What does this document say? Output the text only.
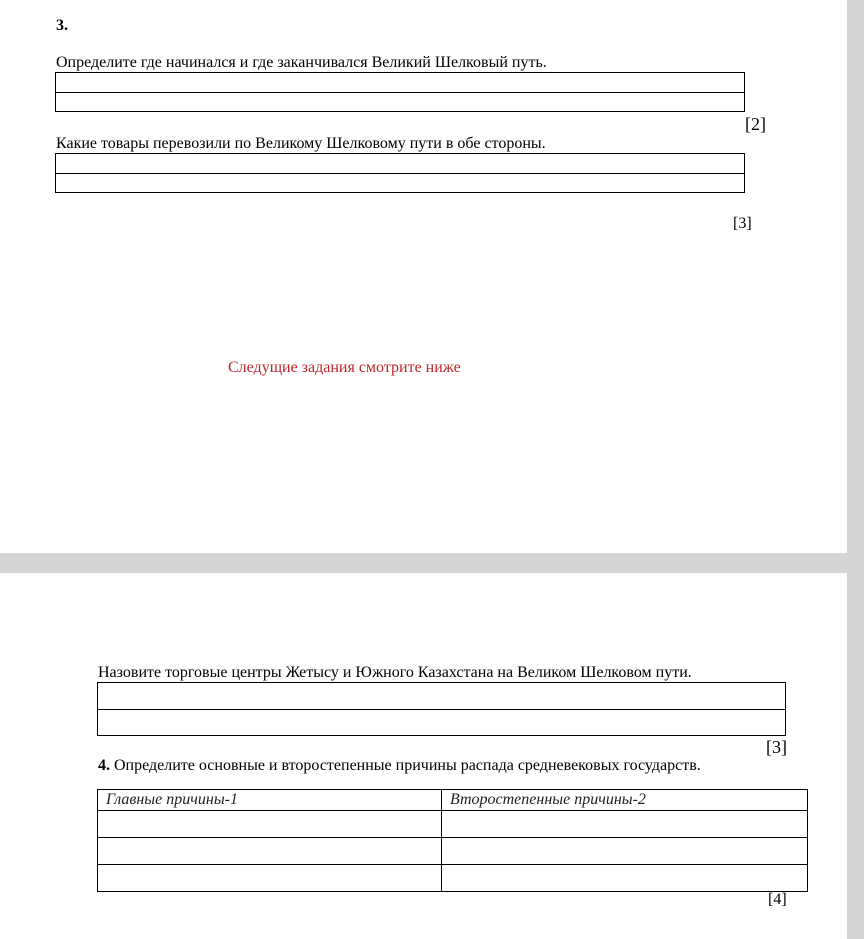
3.
Определите где начинался и где заканчивался Великий Шелковый путь.
[2]
Какие товары перевозили по Великому Шелковому пути в обе стороны.
[3]
Следущие задания смотрите ниже
Назовите торговые центры Жетысу и Южного Казахстана на Великом Шелковом пути.
[3]
4. Определите основные и второстепенные причины распада средневековых государств.
Главные причины-1	Второстепенные причины-2

[4]
